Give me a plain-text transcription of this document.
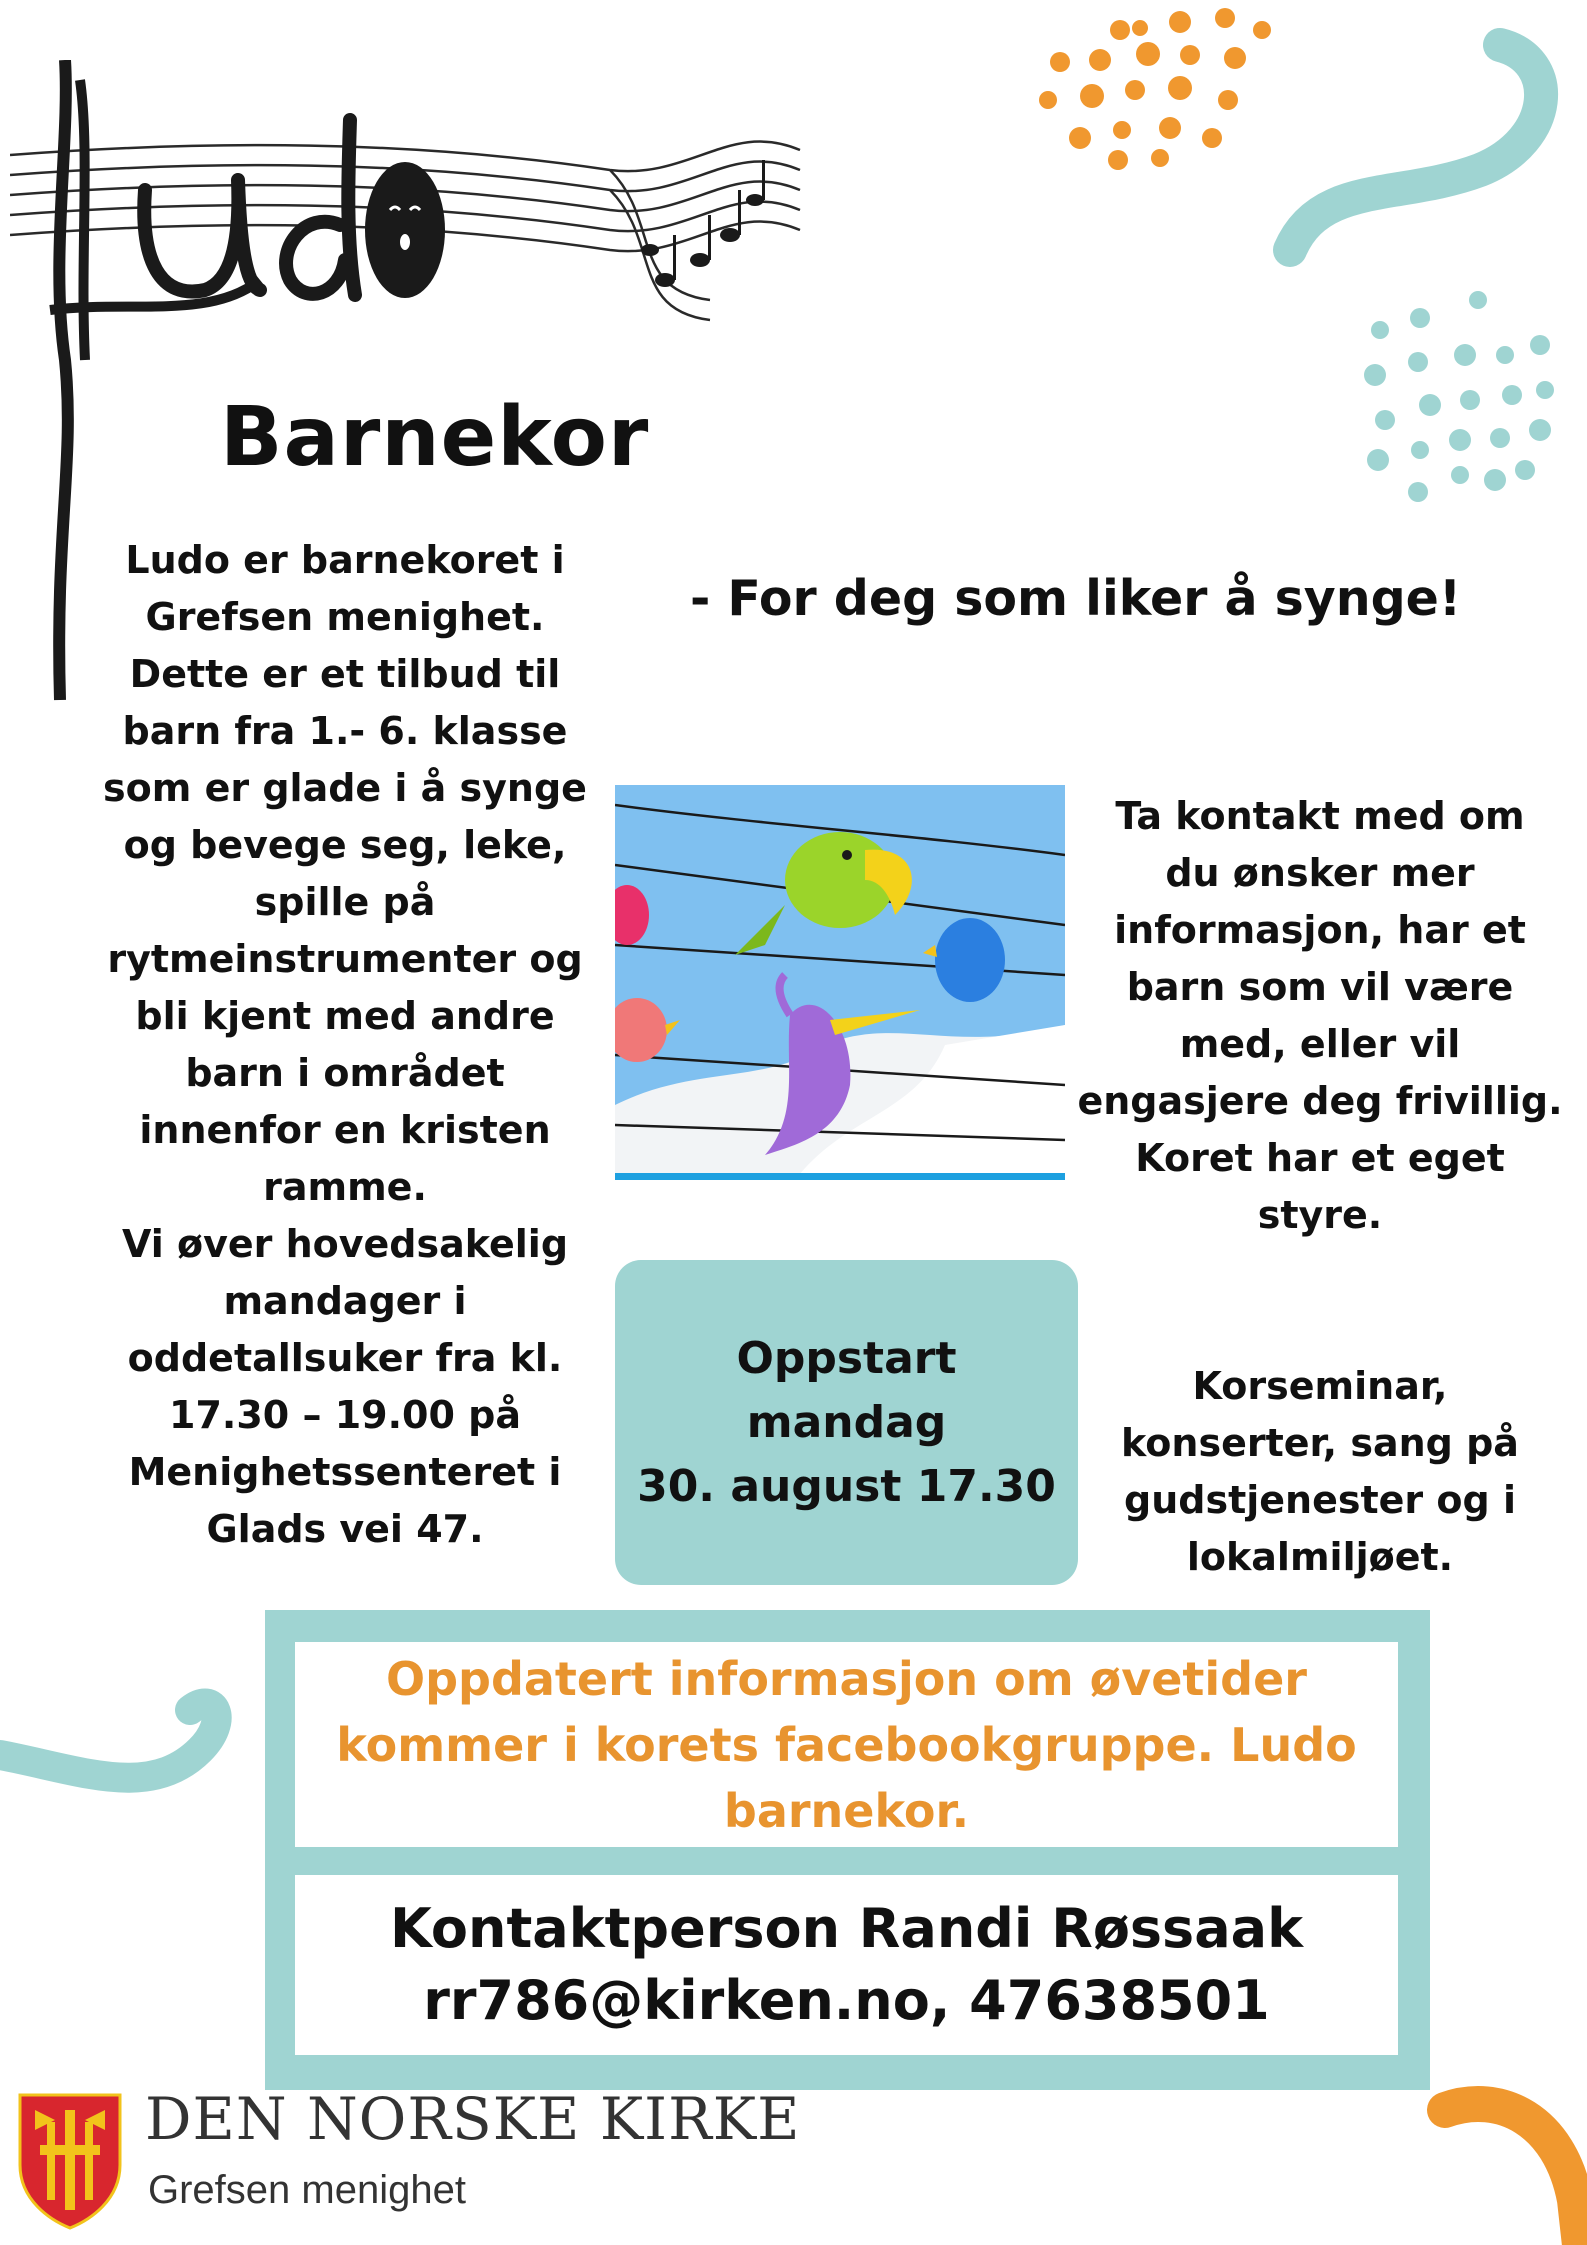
Barnekor
Ludo er barnekoret i
Grefsen menighet.
Dette er et tilbud til
barn fra 1.- 6. klasse
som er glade i å synge
og bevege seg, leke,
spille på
rytmeinstrumenter og
bli kjent med andre
barn i området
innenfor en kristen
ramme.
Vi øver hovedsakelig
mandager i
oddetallsuker fra kl.
17.30 – 19.00 på
Menighetssenteret i
Glads vei 47.
- For deg som liker å synge!
Ta kontakt med om
du ønsker mer
informasjon, har et
barn som vil være
med, eller vil
engasjere deg frivillig.
Koret har et eget
styre.
Oppstart
mandag
30. august 17.30
Korseminar,
konserter, sang på
gudstjenester og i
lokalmiljøet.
Oppdatert informasjon om øvetider kommer i korets facebookgruppe. Ludo barnekor.
Kontaktperson Randi Røssaak
rr786@kirken.no, 47638501
DEN NORSKE KIRKE
Grefsen menighet
